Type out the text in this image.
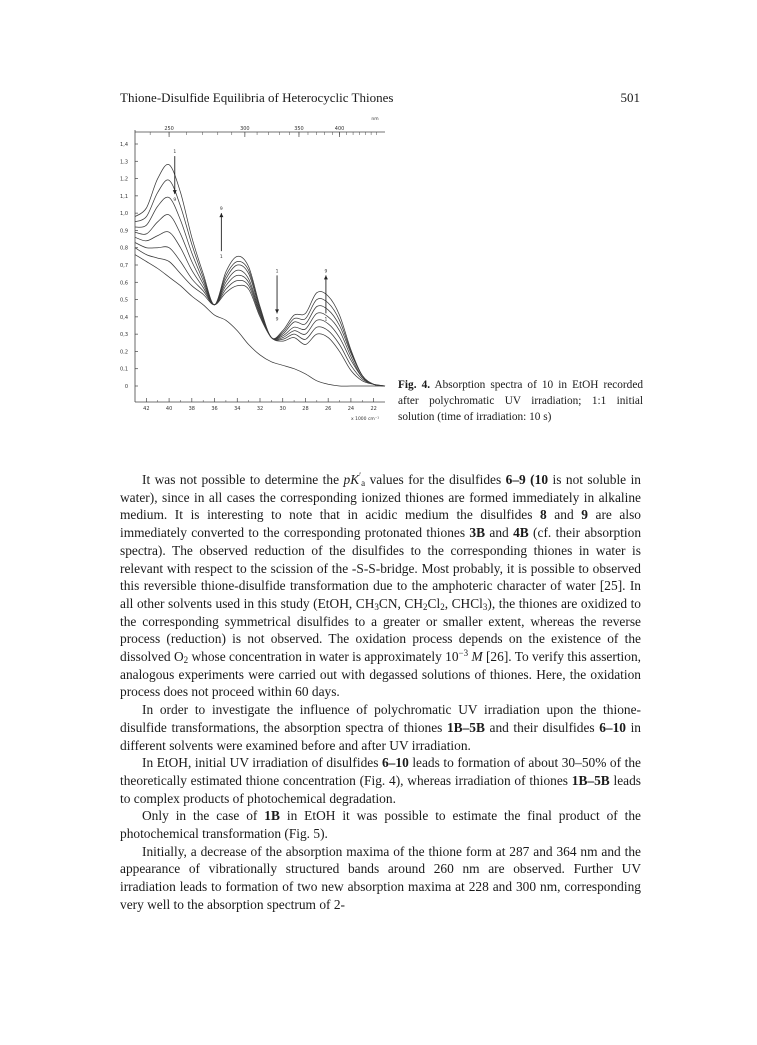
Thione-Disulfide Equilibria of Heterocyclic Thiones	501
1,4
1,3
1,2
1,1
1,0
0,9
0,8
0,7
0,6
0,5
0,4
0,3
0,2
0,1
0
42	40	38	36	34	32	30	28	26	24	22
x 1000 cm⁻¹
250	300	350	400
nm
1
9
9
1
1
9
9
1
Fig. 4. Absorption spectra of 10 in EtOH recorded after polychromatic UV irradiation; 1:1 initial solution (time of irradiation: 10 s)

It was not possible to determine the $pK'_a$ values for the disulfides 6–9 (10 is not soluble in water), since in all cases the corresponding ionized thiones are formed immediately in alkaline medium. It is interesting to note that in acidic medium the disulfides 8 and 9 are also immediately converted to the corresponding protonated thiones 3B and 4B (cf. their absorption spectra). The observed reduction of the disulfides to the corresponding thiones in water is relevant with respect to the scission of the -S-S-bridge. Most probably, it is possible to observed this reversible thione-disulfide transformation due to the amphoteric character of water [25]. In all other solvents used in this study (EtOH, $CH_3CN$, $CH_2Cl_2$, CHCl$_3$), the thiones are oxidized to the corresponding symmetrical disulfides to a greater or smaller extent, whereas the reverse process (reduction) is not observed. The oxidation process depends on the existence of the dissolved $O_2$ whose concentration in water is approximately $10^{-3}$ M [26]. To verify this assertion, analogous experiments were carried out with degassed solutions of thiones. Here, the oxidation process does not proceed within 60 days.

In order to investigate the influence of polychromatic UV irradiation upon the thione-disulfide transformations, the absorption spectra of thiones 1B–5B and their disulfides 6–10 in different solvents were examined before and after UV irradiation.

In EtOH, initial UV irradiation of disulfides 6–10 leads to formation of about 30–50% of the theoretically estimated thione concentration (Fig. 4), whereas irradiation of thiones 1B–5B leads to complex products of photochemical degradation.

Only in the case of 1B in EtOH it was possible to estimate the final product of the photochemical transformation (Fig. 5).

Initially, a decrease of the absorption maxima of the thione form at 287 and 364 nm and the appearance of vibrationally structured bands around 260 nm are observed. Further UV irradiation leads to formation of two new absorption maxima at 228 and 300 nm, corresponding very well to the absorption spectrum of 2-
